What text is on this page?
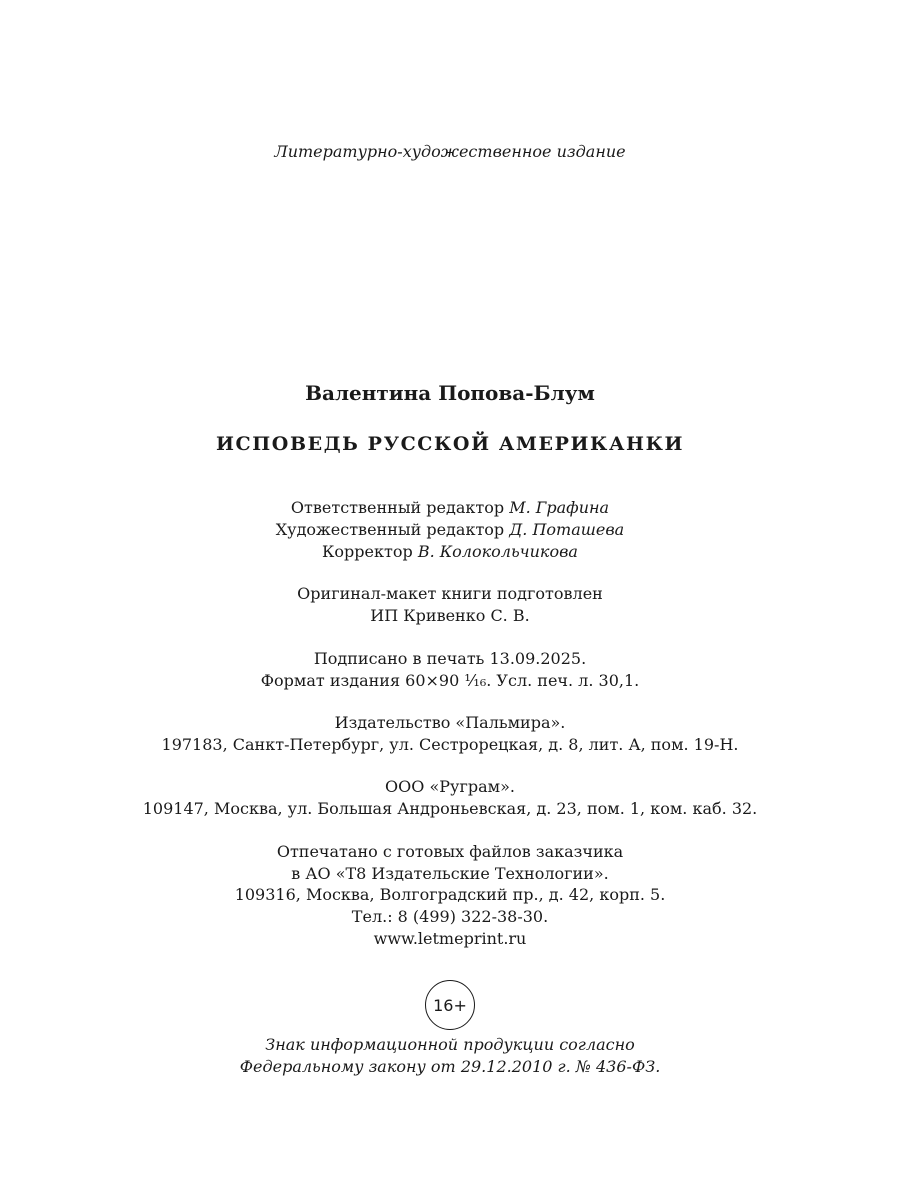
Литературно-художественное издание
Валентина Попова-Блум
ИСПОВЕДЬ РУССКОЙ АМЕРИКАНКИ
Ответственный редактор М. Графина
Художественный редактор Д. Поташева
Корректор В. Колокольчикова
Оригинал-макет книги подготовлен
ИП Кривенко С. В.
Подписано в печать 13.09.2025.
Формат издания 60×90 ¹⁄₁₆. Усл. печ. л. 30,1.
Издательство «Пальмира».
197183, Санкт-Петербург, ул. Сестрорецкая, д. 8, лит. А, пом. 19-Н.
ООО «Руграм».
109147, Москва, ул. Большая Андроньевская, д. 23, пом. 1, ком. каб. 32.
Отпечатано с готовых файлов заказчика
в АО «Т8 Издательские Технологии».
109316, Москва, Волгоградский пр., д. 42, корп. 5.
Тел.: 8 (499) 322-38-30.
www.letmeprint.ru
16+
Знак информационной продукции согласно
Федеральному закону от 29.12.2010 г. № 436-ФЗ.
